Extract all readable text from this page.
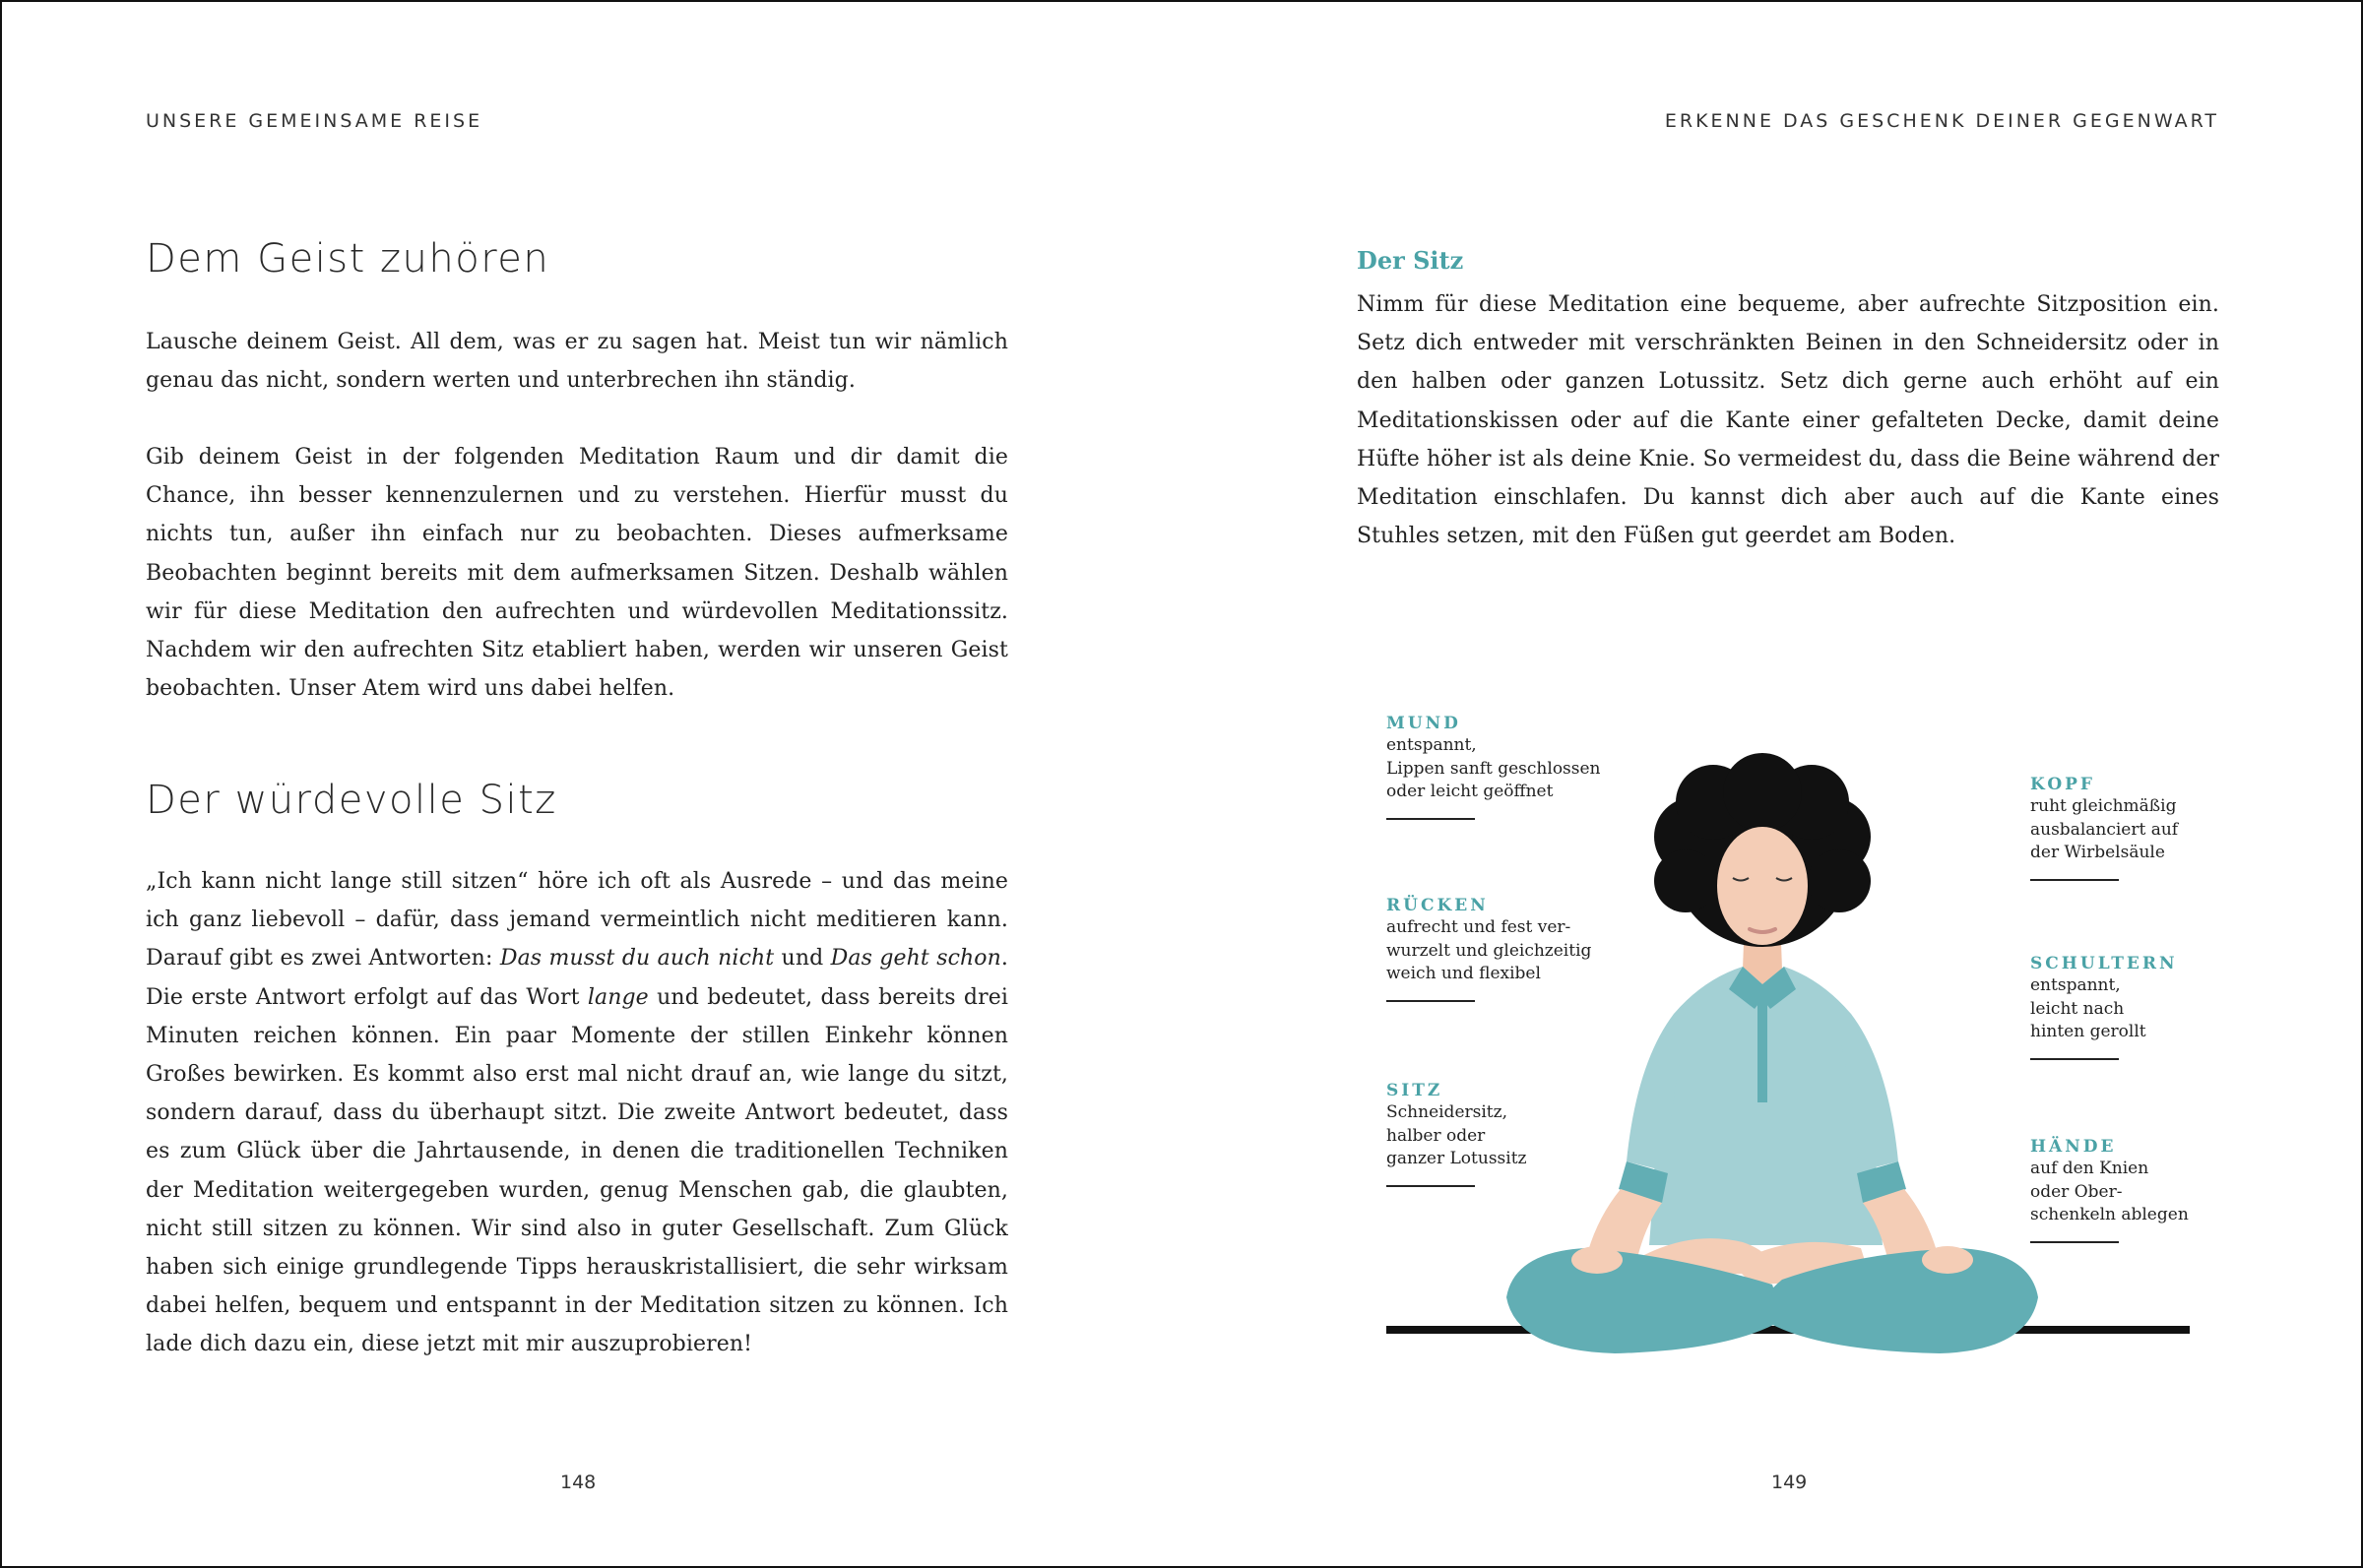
UNSERE GEMEINSAME REISE
Dem Geist zuhören

Lausche deinem Geist. All dem, was er zu sagen hat. Meist tun wir nämlich genau das nicht, sondern werten und unterbrechen ihn ständig.

Gib deinem Geist in der folgenden Meditation Raum und dir damit die Chance, ihn besser kennenzulernen und zu verstehen. Hierfür musst du nichts tun, außer ihn einfach nur zu beobachten. Dieses aufmerksame Beobachten beginnt bereits mit dem aufmerksamen Sitzen. Deshalb wählen wir für diese Meditation den aufrechten und würdevollen Meditationssitz. Nachdem wir den aufrechten Sitz etabliert haben, werden wir unseren Geist beobachten. Unser Atem wird uns dabei helfen.

Der würdevolle Sitz

„Ich kann nicht lange still sitzen“ höre ich oft als Ausrede – und das meine ich ganz liebevoll – dafür, dass jemand vermeintlich nicht meditieren kann. Darauf gibt es zwei Antworten: Das musst du auch nicht und Das geht schon. Die erste Antwort erfolgt auf das Wort lange und bedeutet, dass bereits drei Minuten reichen können. Ein paar Momente der stillen Einkehr können Großes bewirken. Es kommt also erst mal nicht drauf an, wie lange du sitzt, sondern darauf, dass du überhaupt sitzt. Die zweite Antwort bedeutet, dass es zum Glück über die Jahrtausende, in denen die traditionellen Techniken der Meditation weitergegeben wurden, genug Menschen gab, die glaubten, nicht still sitzen zu können. Wir sind also in guter Gesellschaft. Zum Glück haben sich einige grundlegende Tipps herauskristallisiert, die sehr wirksam dabei helfen, bequem und entspannt in der Meditation sitzen zu können. Ich lade dich dazu ein, diese jetzt mit mir auszuprobieren!

148
ERKENNE DAS GESCHENK DEINER GEGENWART
Der Sitz

Nimm für diese Meditation eine bequeme, aber aufrechte Sitzposition ein. Setz dich entweder mit verschränkten Beinen in den Schneidersitz oder in den halben oder ganzen Lotussitz. Setz dich gerne auch erhöht auf ein Meditationskissen oder auf die Kante einer gefalteten Decke, damit deine Hüfte höher ist als deine Knie. So vermeidest du, dass die Beine während der Meditation einschlafen. Du kannst dich aber auch auf die Kante eines Stuhles setzen, mit den Füßen gut geerdet am Boden.

MUND
entspannt,
Lippen sanft geschlossen
oder leicht geöffnet
RÜCKEN
aufrecht und fest ver-
wurzelt und gleichzeitig
weich und flexibel
SITZ
Schneidersitz,
halber oder
ganzer Lotussitz
KOPF
ruht gleichmäßig
ausbalanciert auf
der Wirbelsäule
SCHULTERN
entspannt,
leicht nach
hinten gerollt
HÄNDE
auf den Knien
oder Ober-
schenkeln ablegen
149
